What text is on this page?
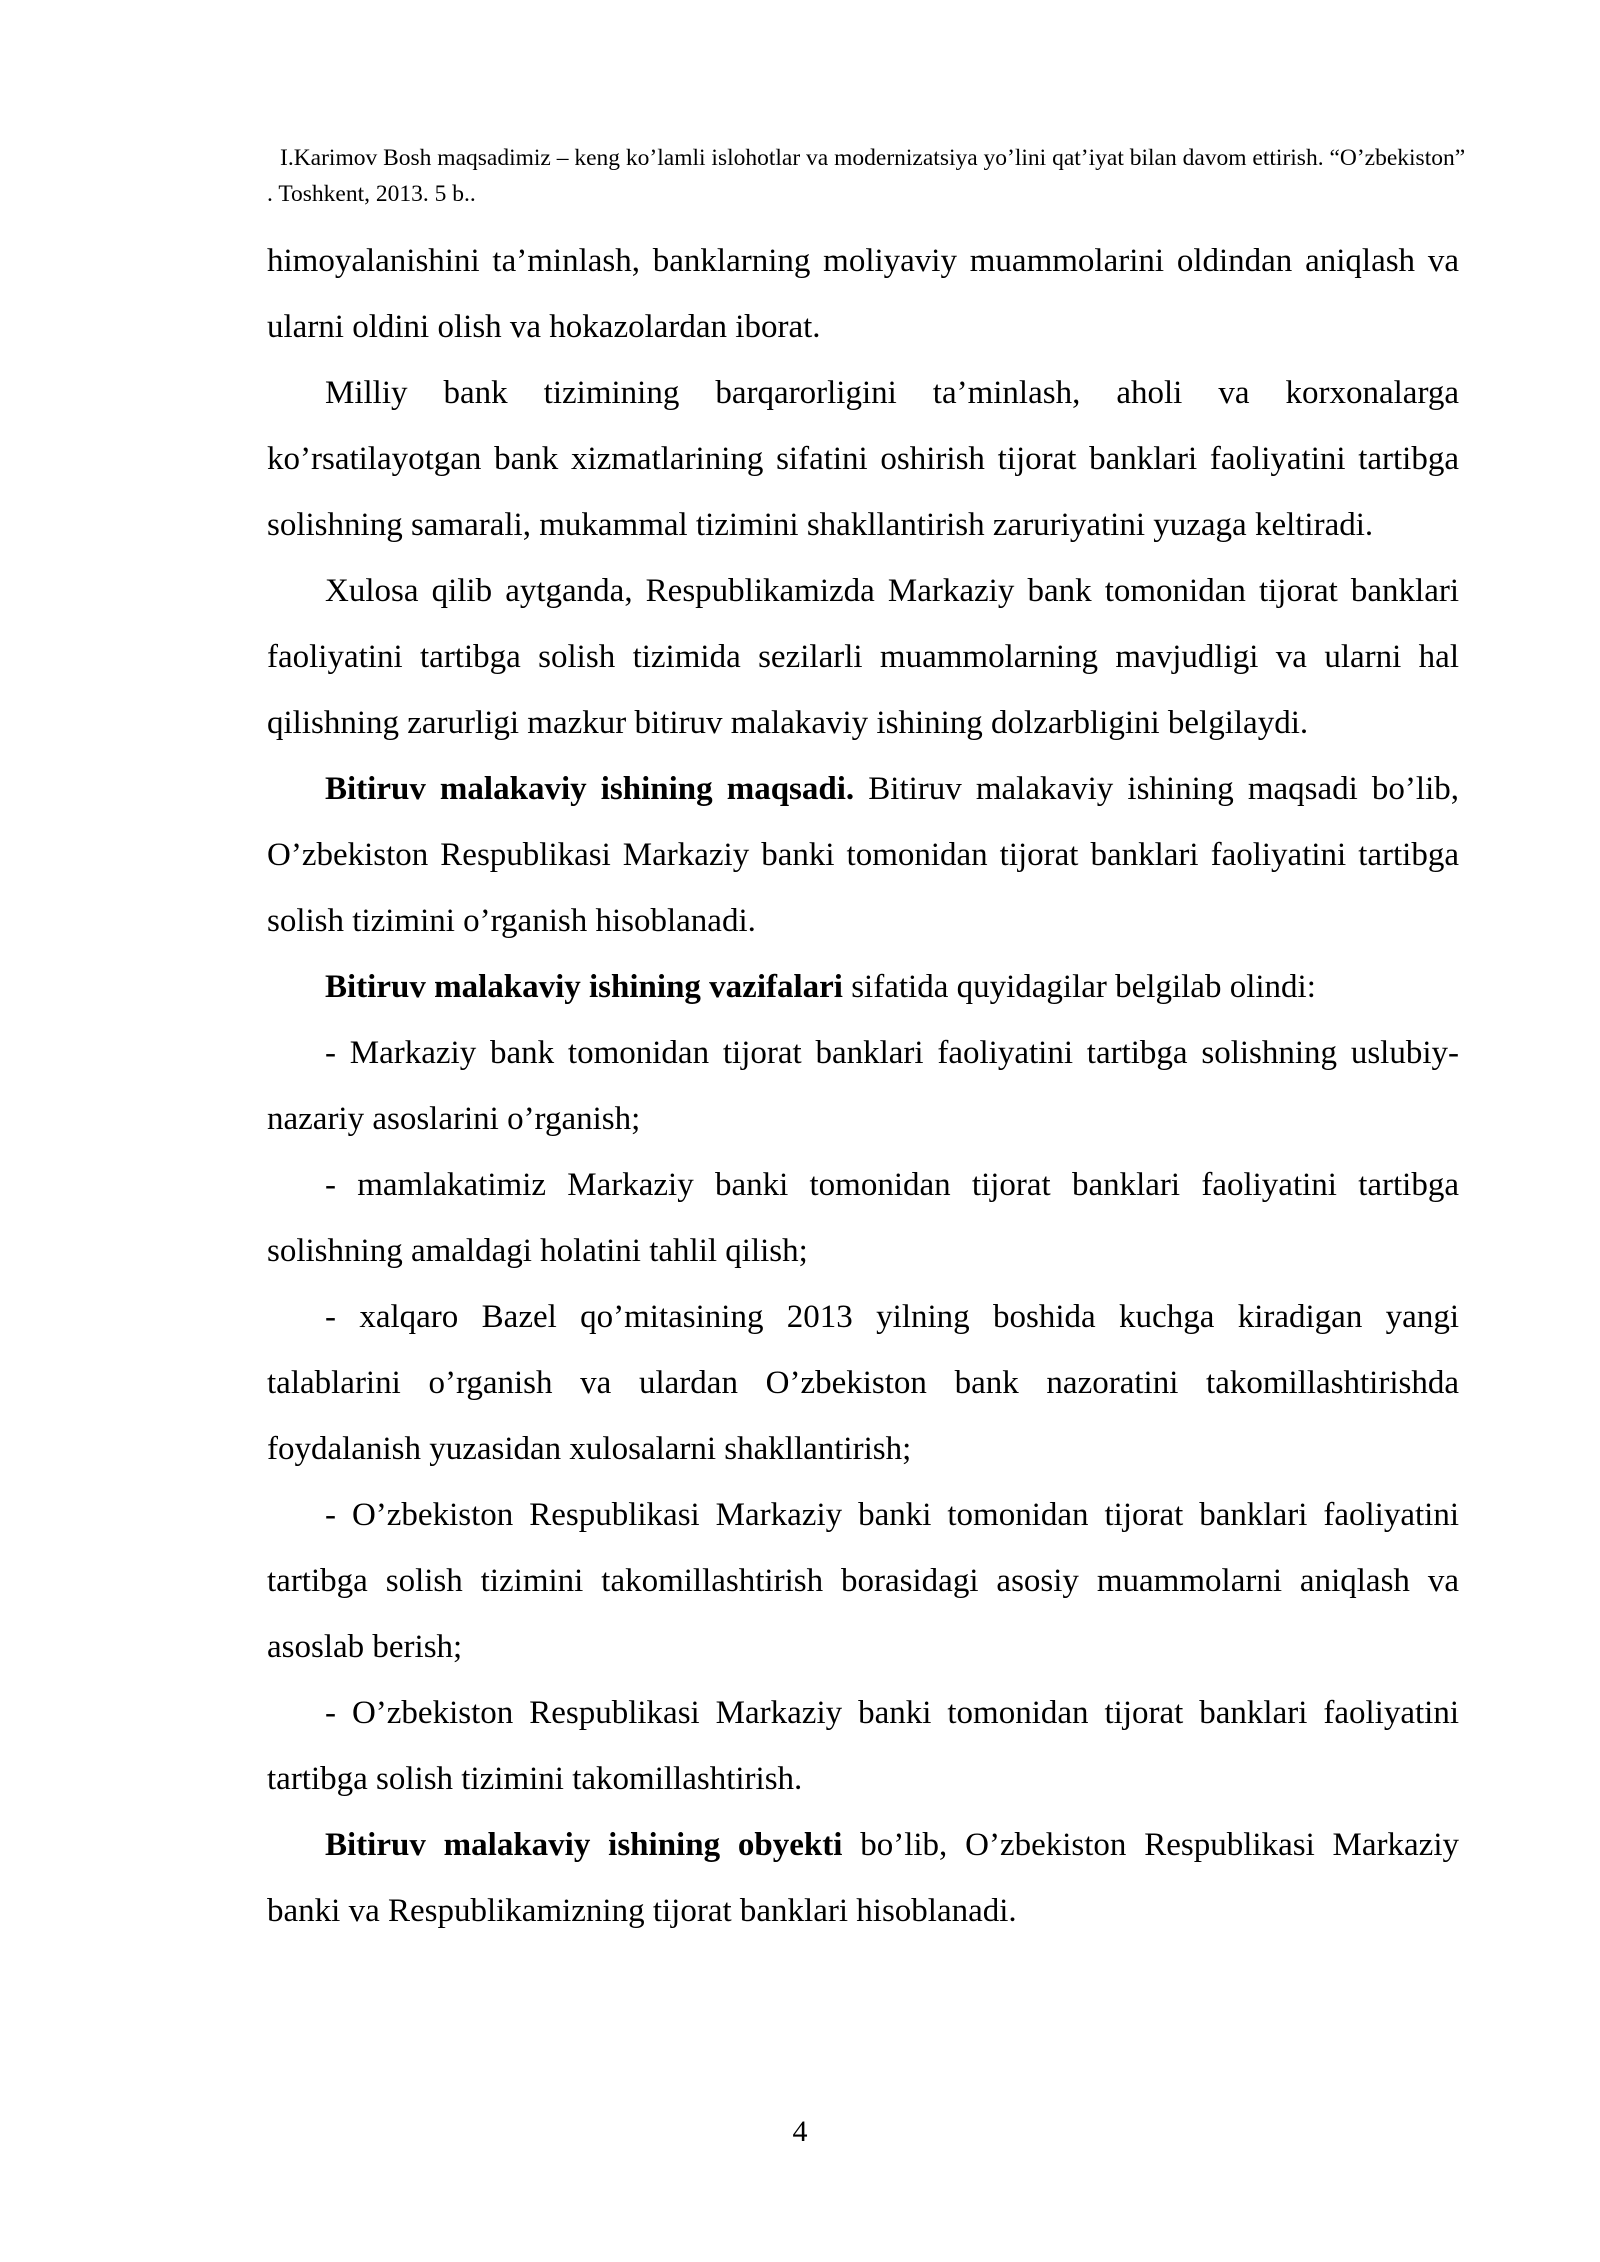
I.Karimov Bosh maqsadimiz – keng ko’lamli islohotlar va modernizatsiya yo’lini qat’iyat bilan davom ettirish. “O’zbekiston” . Toshkent, 2013. 5 b..

himoyalanishini ta’minlash, banklarning moliyaviy muammolarini oldindan aniqlash va ularni oldini olish va hokazolardan iborat.

Milliy bank tizimining barqarorligini ta’minlash, aholi va korxonalarga ko’rsatilayotgan bank xizmatlarining sifatini oshirish tijorat banklari faoliyatini tartibga solishning samarali, mukammal tizimini shakllantirish zaruriyatini yuzaga keltiradi.

Xulosa qilib aytganda, Respublikamizda Markaziy bank tomonidan tijorat banklari faoliyatini tartibga solish tizimida sezilarli muammolarning mavjudligi va ularni hal qilishning zarurligi mazkur bitiruv malakaviy ishining dolzarbligini belgilaydi.

Bitiruv malakaviy ishining maqsadi. Bitiruv malakaviy ishining maqsadi bo’lib, O’zbekiston Respublikasi Markaziy banki tomonidan tijorat banklari faoliyatini tartibga solish tizimini o’rganish hisoblanadi.

Bitiruv malakaviy ishining vazifalari sifatida quyidagilar belgilab olindi:

- Markaziy bank tomonidan tijorat banklari faoliyatini tartibga solishning uslubiy-nazariy asoslarini o’rganish;

- mamlakatimiz Markaziy banki tomonidan tijorat banklari faoliyatini tartibga solishning amaldagi holatini tahlil qilish;

- xalqaro Bazel qo’mitasining 2013 yilning boshida kuchga kiradigan yangi talablarini o’rganish va ulardan O’zbekiston bank nazoratini takomillashtirishda foydalanish yuzasidan xulosalarni shakllantirish;

- O’zbekiston Respublikasi Markaziy banki tomonidan tijorat banklari faoliyatini tartibga solish tizimini takomillashtirish borasidagi asosiy muammolarni aniqlash va asoslab berish;

- O’zbekiston Respublikasi Markaziy banki tomonidan tijorat banklari faoliyatini tartibga solish tizimini takomillashtirish.

Bitiruv malakaviy ishining obyekti bo’lib, O’zbekiston Respublikasi Markaziy banki va Respublikamizning tijorat banklari hisoblanadi.

4
